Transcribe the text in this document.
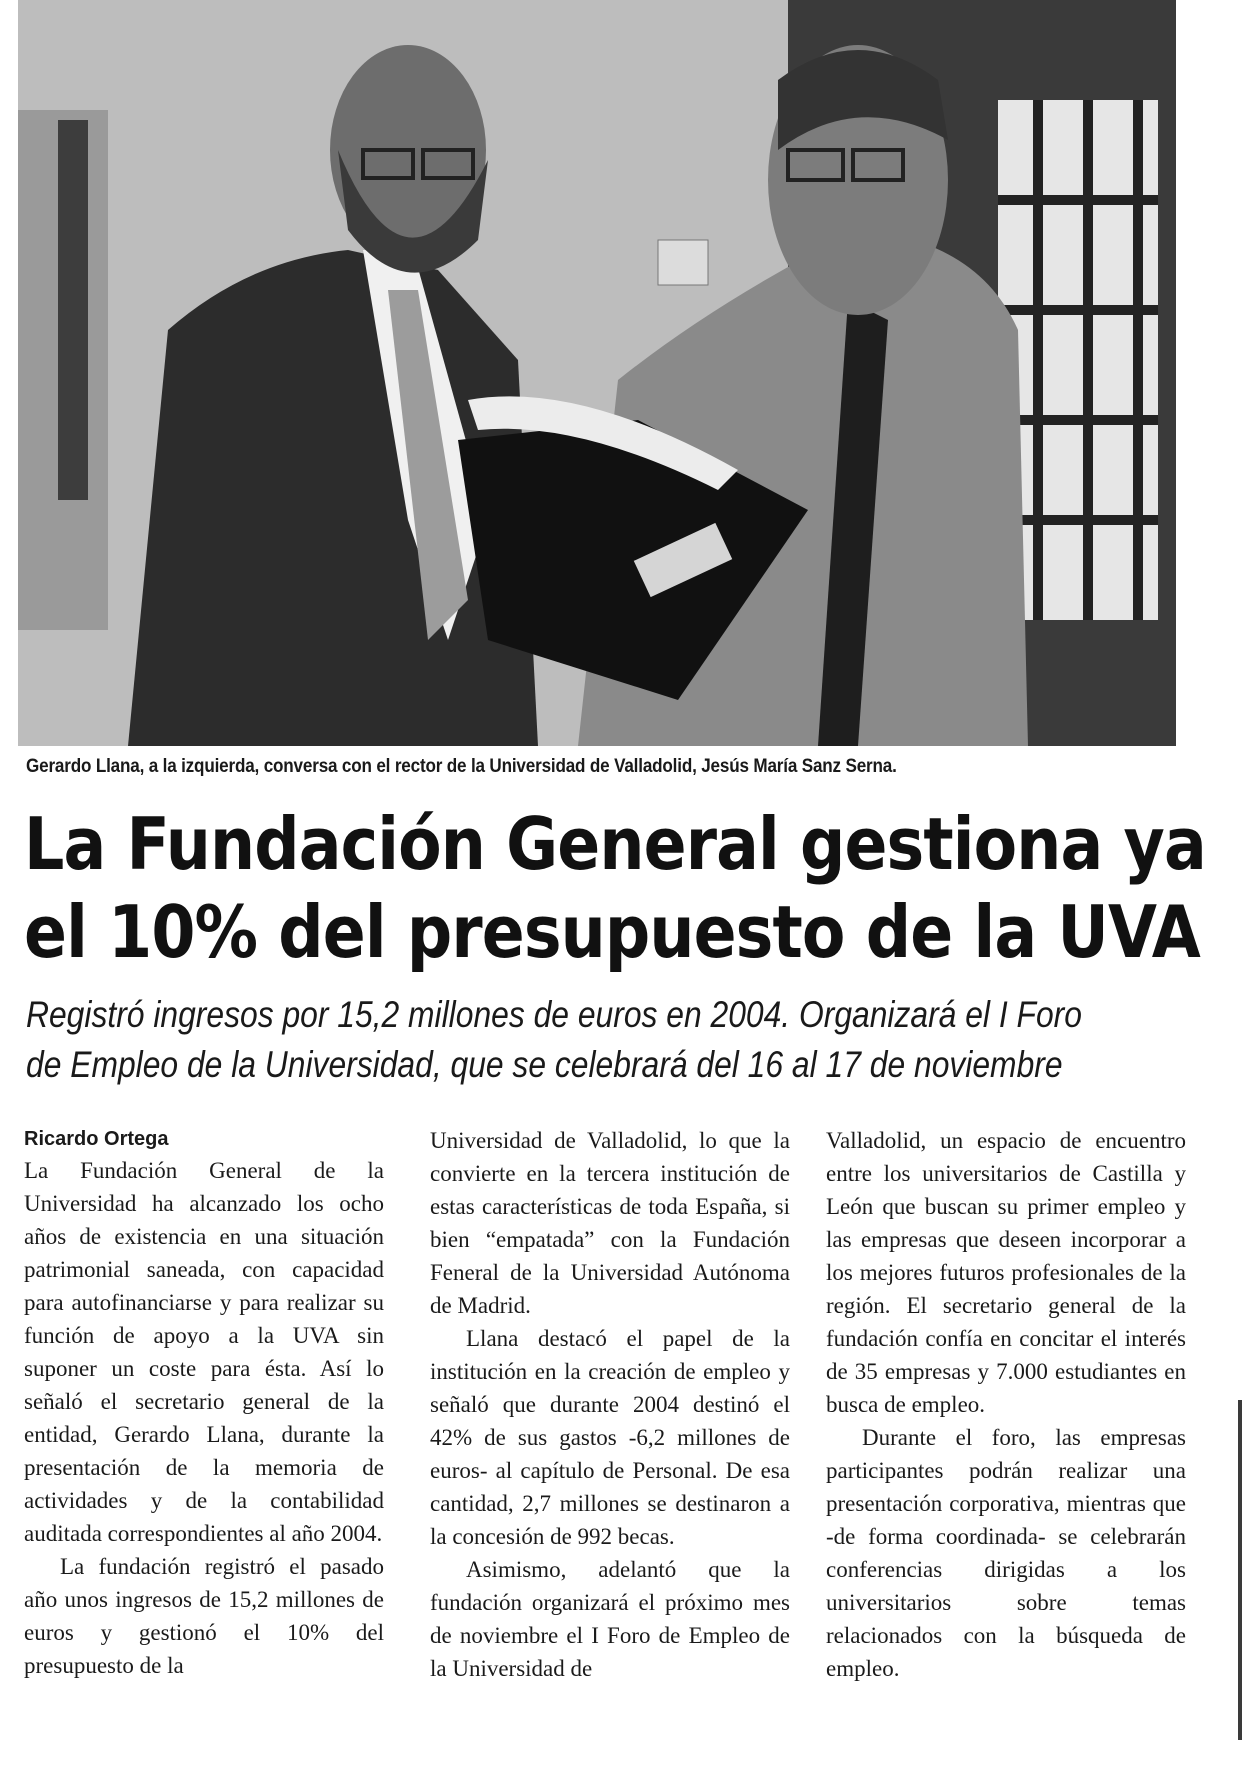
Gerardo Llana, a la izquierda, conversa con el rector de la Universidad de Valladolid, Jesús María Sanz Serna.
La Fundación General gestiona ya
el 10% del presupuesto de la UVA
Registró ingresos por 15,2 millones de euros en 2004. Organizará el I Foro
de Empleo de la Universidad, que se celebrará del 16 al 17 de noviembre
Ricardo Ortega

La Fundación General de la Universidad ha alcanzado los ocho años de existencia en una situación patrimonial saneada, con capacidad para autofinanciarse y para realizar su función de apoyo a la UVA sin suponer un coste para ésta. Así lo señaló el secretario general de la entidad, Gerardo Llana, durante la presentación de la memoria de actividades y de la contabilidad auditada correspondientes al año 2004.

La fundación registró el pasado año unos ingresos de 15,2 millones de euros y gestionó el 10% del presupuesto de la

Universidad de Valladolid, lo que la convierte en la tercera institución de estas características de toda España, si bien “empatada” con la Fundación Feneral de la Universidad Autónoma de Madrid.

Llana destacó el papel de la institución en la creación de empleo y señaló que durante 2004 destinó el 42% de sus gastos -6,2 millones de euros- al capítulo de Personal. De esa cantidad, 2,7 millones se destinaron a la concesión de 992 becas.

Asimismo, adelantó que la fundación organizará el próximo mes de noviembre el I Foro de Empleo de la Universidad de

Valladolid, un espacio de encuentro entre los universitarios de Castilla y León que buscan su primer empleo y las empresas que deseen incorporar a los mejores futuros profesionales de la región. El secretario general de la fundación confía en concitar el interés de 35 empresas y 7.000 estudiantes en busca de empleo.

Durante el foro, las empresas participantes podrán realizar una presentación corporativa, mientras que -de forma coordinada- se celebrarán conferencias dirigidas a los universitarios sobre temas relacionados con la búsqueda de empleo.
